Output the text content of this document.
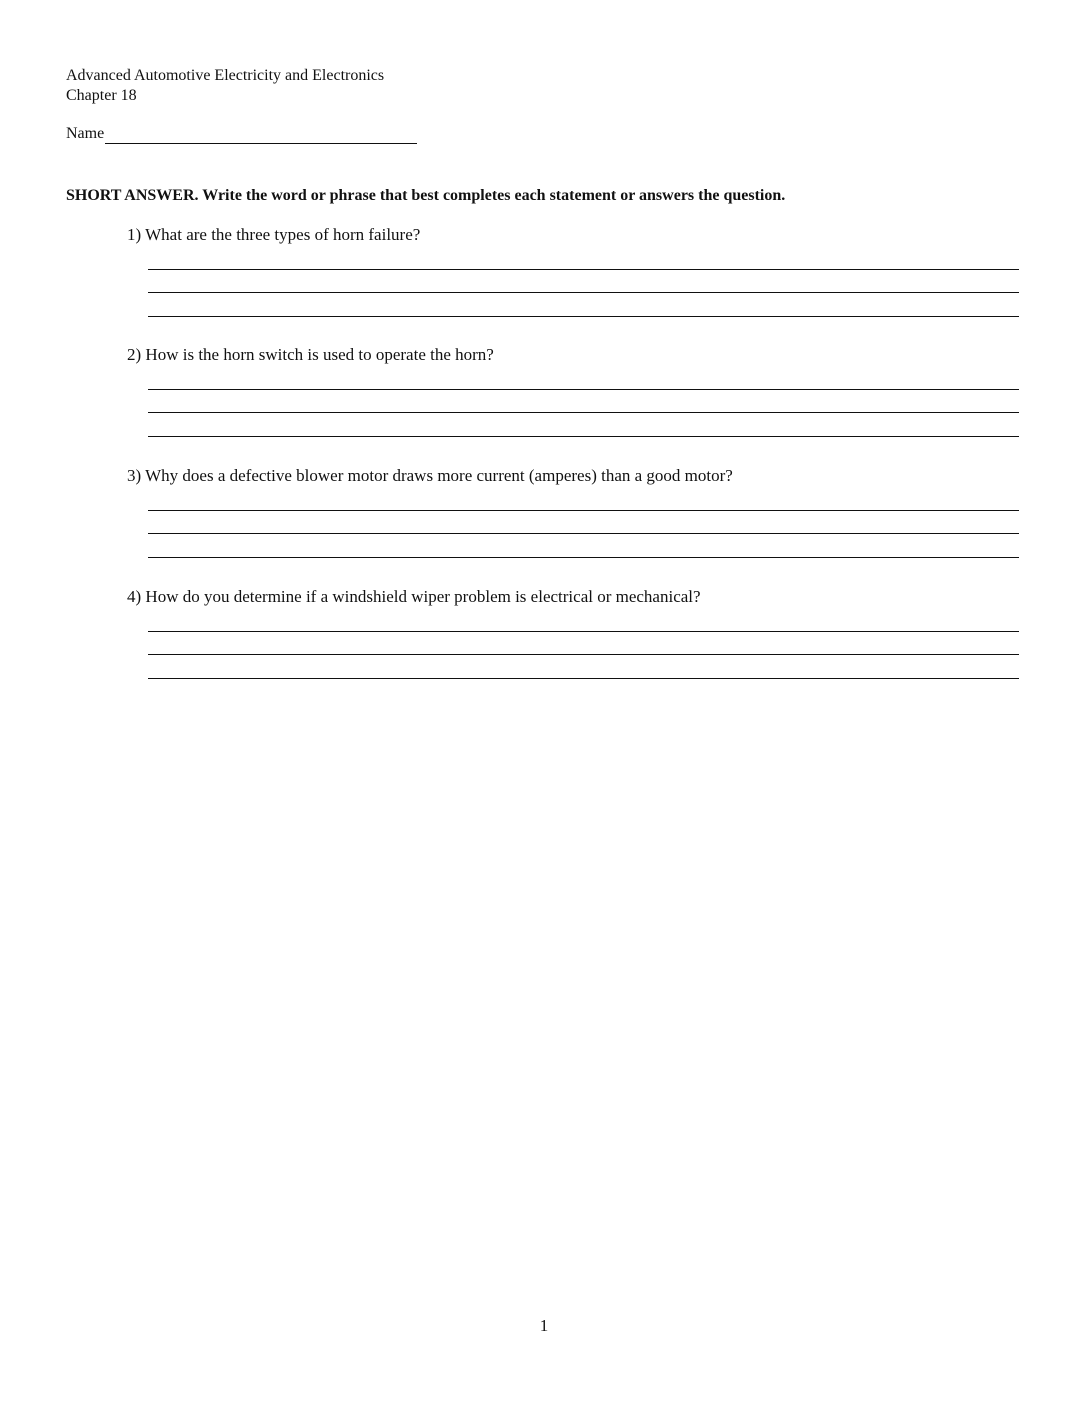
Advanced Automotive Electricity and Electronics
Chapter 18
Name
SHORT ANSWER. Write the word or phrase that best completes each statement or answers the question.
1) What are the three types of horn failure?
2) How is the horn switch is used to operate the horn?
3) Why does a defective blower motor draws more current (amperes) than a good motor?
4) How do you determine if a windshield wiper problem is electrical or mechanical?
1
